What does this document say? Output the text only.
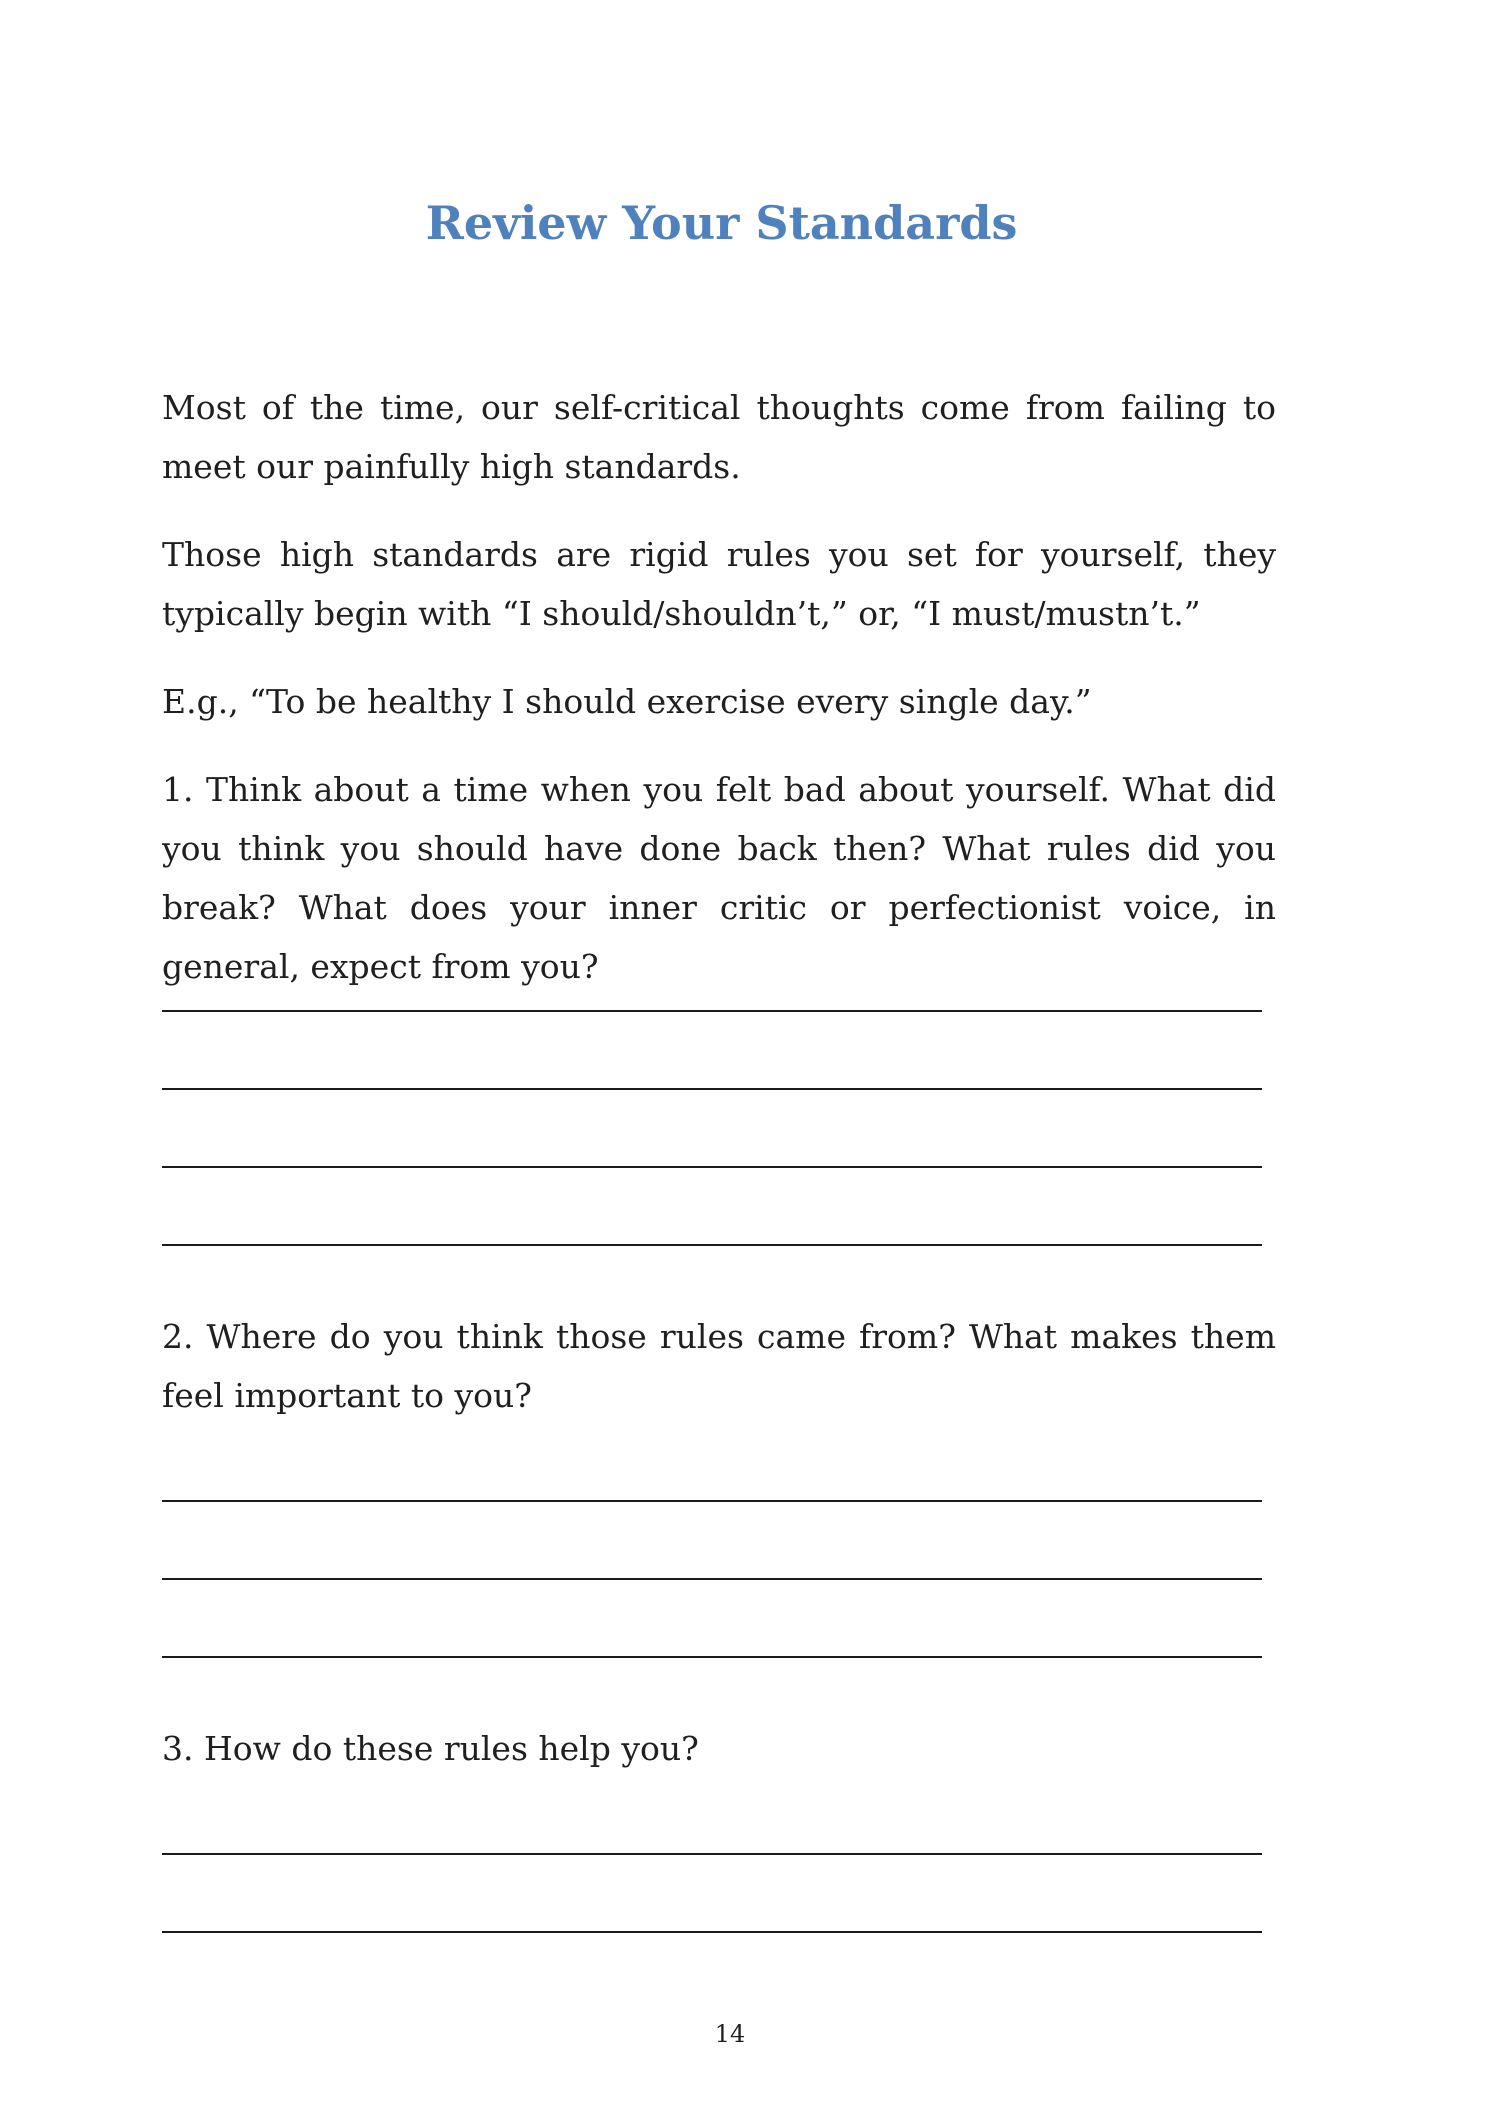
Review Your Standards

Most of the time, our self-critical thoughts come from failing to meet our painfully high standards.

Those high standards are rigid rules you set for yourself, they typically begin with “I should/shouldn’t,” or, “I must/mustn’t.”

E.g., “To be healthy I should exercise every single day.”

1. Think about a time when you felt bad about yourself. What did you think you should have done back then? What rules did you break? What does your inner critic or perfectionist voice, in general, expect from you?

2. Where do you think those rules came from? What makes them feel important to you?

3. How do these rules help you?

14
